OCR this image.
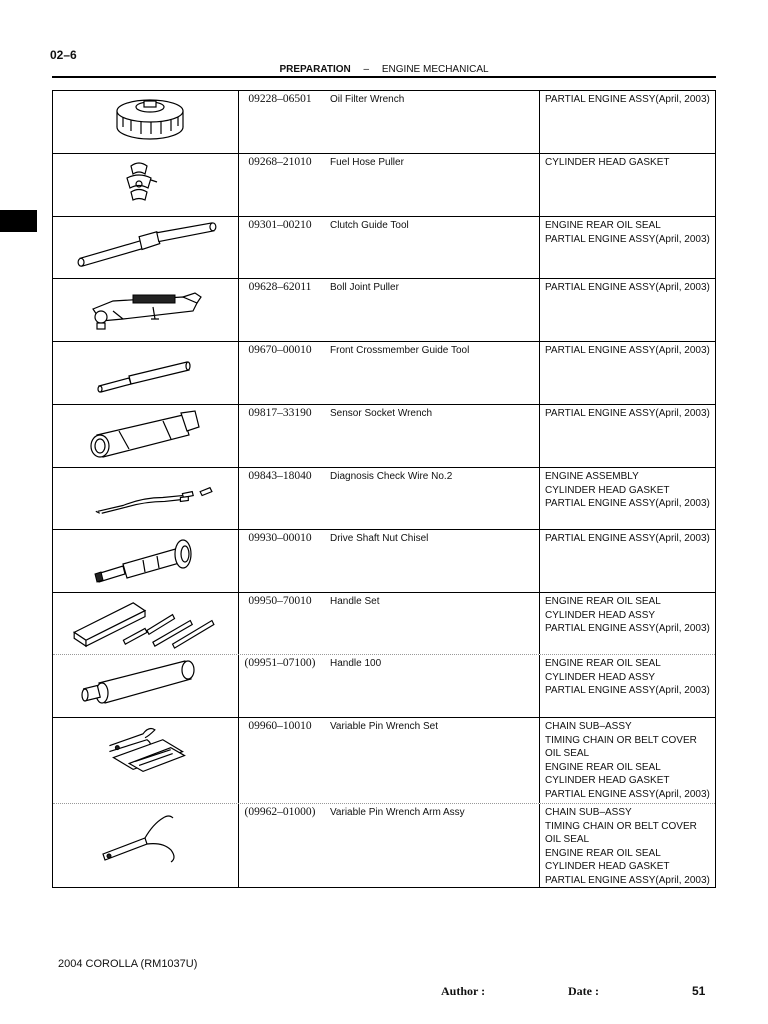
02–6
PREPARATION – ENGINE MECHANICAL
09228–06501	Oil Filter Wrench	PARTIAL ENGINE ASSY(April, 2003)
09268–21010	Fuel Hose Puller	CYLINDER HEAD GASKET
09301–00210	Clutch Guide Tool	ENGINE REAR OIL SEAL
PARTIAL ENGINE ASSY(April, 2003)
09628–62011	Boll Joint Puller	PARTIAL ENGINE ASSY(April, 2003)
09670–00010	Front Crossmember Guide Tool	PARTIAL ENGINE ASSY(April, 2003)
09817–33190	Sensor Socket Wrench	PARTIAL ENGINE ASSY(April, 2003)
09843–18040	Diagnosis Check Wire No.2	ENGINE ASSEMBLY
CYLINDER HEAD GASKET
PARTIAL ENGINE ASSY(April, 2003)
09930–00010	Drive Shaft Nut Chisel	PARTIAL ENGINE ASSY(April, 2003)
09950–70010	Handle Set	ENGINE REAR OIL SEAL
CYLINDER HEAD ASSY
PARTIAL ENGINE ASSY(April, 2003)
(09951–07100)	Handle 100	ENGINE REAR OIL SEAL
CYLINDER HEAD ASSY
PARTIAL ENGINE ASSY(April, 2003)
09960–10010	Variable Pin Wrench Set	CHAIN SUB–ASSY
TIMING CHAIN OR BELT COVER OIL SEAL
ENGINE REAR OIL SEAL
CYLINDER HEAD GASKET
PARTIAL ENGINE ASSY(April, 2003)
(09962–01000)	Variable Pin Wrench Arm Assy	CHAIN SUB–ASSY
TIMING CHAIN OR BELT COVER OIL SEAL
ENGINE REAR OIL SEAL
CYLINDER HEAD GASKET
PARTIAL ENGINE ASSY(April, 2003)
2004 COROLLA (RM1037U)
Author :	Date :	51
